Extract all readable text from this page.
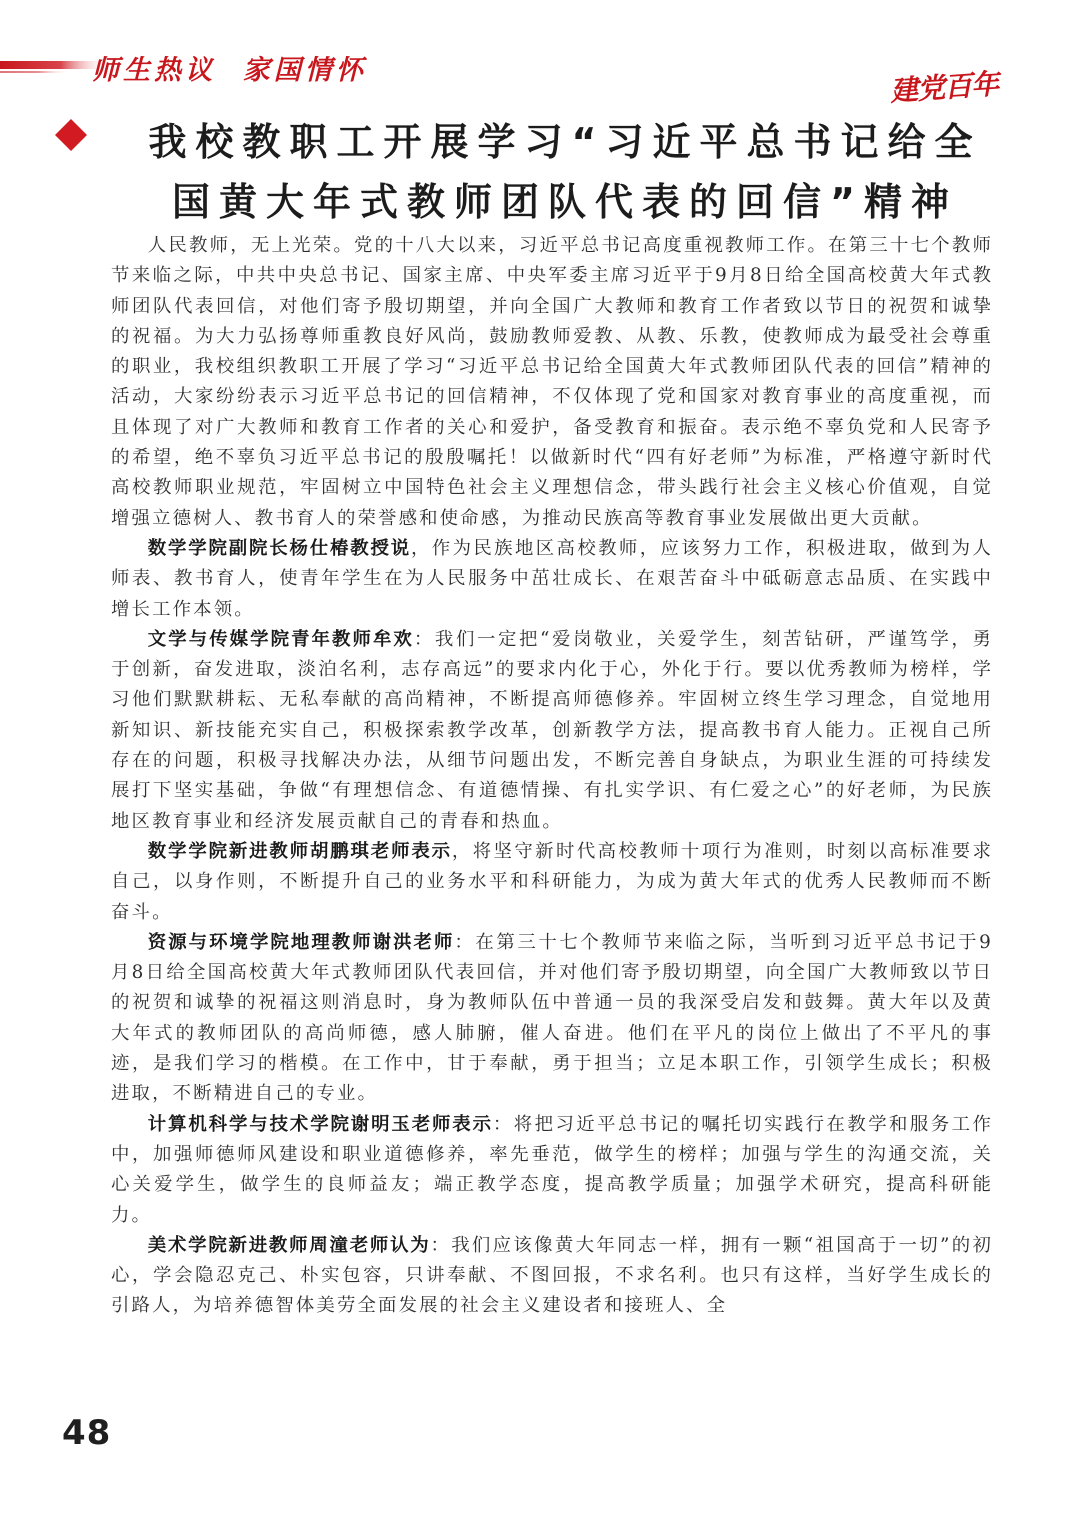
师生热议  家国情怀	建党百年
我校教职工开展学习“习近平总书记给全
国黄大年式教师团队代表的回信”精神

人民教师，无上光荣。党的十八大以来，习近平总书记高度重视教师工作。在第三十七个教师节来临之际，中共中央总书记、国家主席、中央军委主席习近平于9月8日给全国高校黄大年式教师团队代表回信，对他们寄予殷切期望，并向全国广大教师和教育工作者致以节日的祝贺和诚挚的祝福。为大力弘扬尊师重教良好风尚，鼓励教师爱教、从教、乐教，使教师成为最受社会尊重的职业，我校组织教职工开展了学习“习近平总书记给全国黄大年式教师团队代表的回信”精神的活动，大家纷纷表示习近平总书记的回信精神，不仅体现了党和国家对教育事业的高度重视，而且体现了对广大教师和教育工作者的关心和爱护，备受教育和振奋。表示绝不辜负党和人民寄予的希望，绝不辜负习近平总书记的殷殷嘱托！以做新时代“四有好老师”为标准，严格遵守新时代高校教师职业规范，牢固树立中国特色社会主义理想信念，带头践行社会主义核心价值观，自觉增强立德树人、教书育人的荣誉感和使命感，为推动民族高等教育事业发展做出更大贡献。

数学学院副院长杨仕椿教授说，作为民族地区高校教师，应该努力工作，积极进取，做到为人师表、教书育人，使青年学生在为人民服务中茁壮成长、在艰苦奋斗中砥砺意志品质、在实践中增长工作本领。

文学与传媒学院青年教师牟欢：我们一定把“爱岗敬业，关爱学生，刻苦钻研，严谨笃学，勇于创新，奋发进取，淡泊名利，志存高远”的要求内化于心，外化于行。要以优秀教师为榜样，学习他们默默耕耘、无私奉献的高尚精神，不断提高师德修养。牢固树立终生学习理念，自觉地用新知识、新技能充实自己，积极探索教学改革，创新教学方法，提高教书育人能力。正视自己所存在的问题，积极寻找解决办法，从细节问题出发，不断完善自身缺点，为职业生涯的可持续发展打下坚实基础，争做“有理想信念、有道德情操、有扎实学识、有仁爱之心”的好老师，为民族地区教育事业和经济发展贡献自己的青春和热血。

数学学院新进教师胡鹏琪老师表示，将坚守新时代高校教师十项行为准则，时刻以高标准要求自己，以身作则，不断提升自己的业务水平和科研能力，为成为黄大年式的优秀人民教师而不断奋斗。

资源与环境学院地理教师谢洪老师：在第三十七个教师节来临之际，当听到习近平总书记于9月8日给全国高校黄大年式教师团队代表回信，并对他们寄予殷切期望，向全国广大教师致以节日的祝贺和诚挚的祝福这则消息时，身为教师队伍中普通一员的我深受启发和鼓舞。黄大年以及黄大年式的教师团队的高尚师德，感人肺腑，催人奋进。他们在平凡的岗位上做出了不平凡的事迹，是我们学习的楷模。在工作中，甘于奉献，勇于担当；立足本职工作，引领学生成长；积极进取，不断精进自己的专业。

计算机科学与技术学院谢明玉老师表示：将把习近平总书记的嘱托切实践行在教学和服务工作中，加强师德师风建设和职业道德修养，率先垂范，做学生的榜样；加强与学生的沟通交流，关心关爱学生，做学生的良师益友；端正教学态度，提高教学质量；加强学术研究，提高科研能力。

美术学院新进教师周潼老师认为：我们应该像黄大年同志一样，拥有一颗“祖国高于一切”的初心，学会隐忍克己、朴实包容，只讲奉献、不图回报，不求名利。也只有这样，当好学生成长的引路人，为培养德智体美劳全面发展的社会主义建设者和接班人、全

48
